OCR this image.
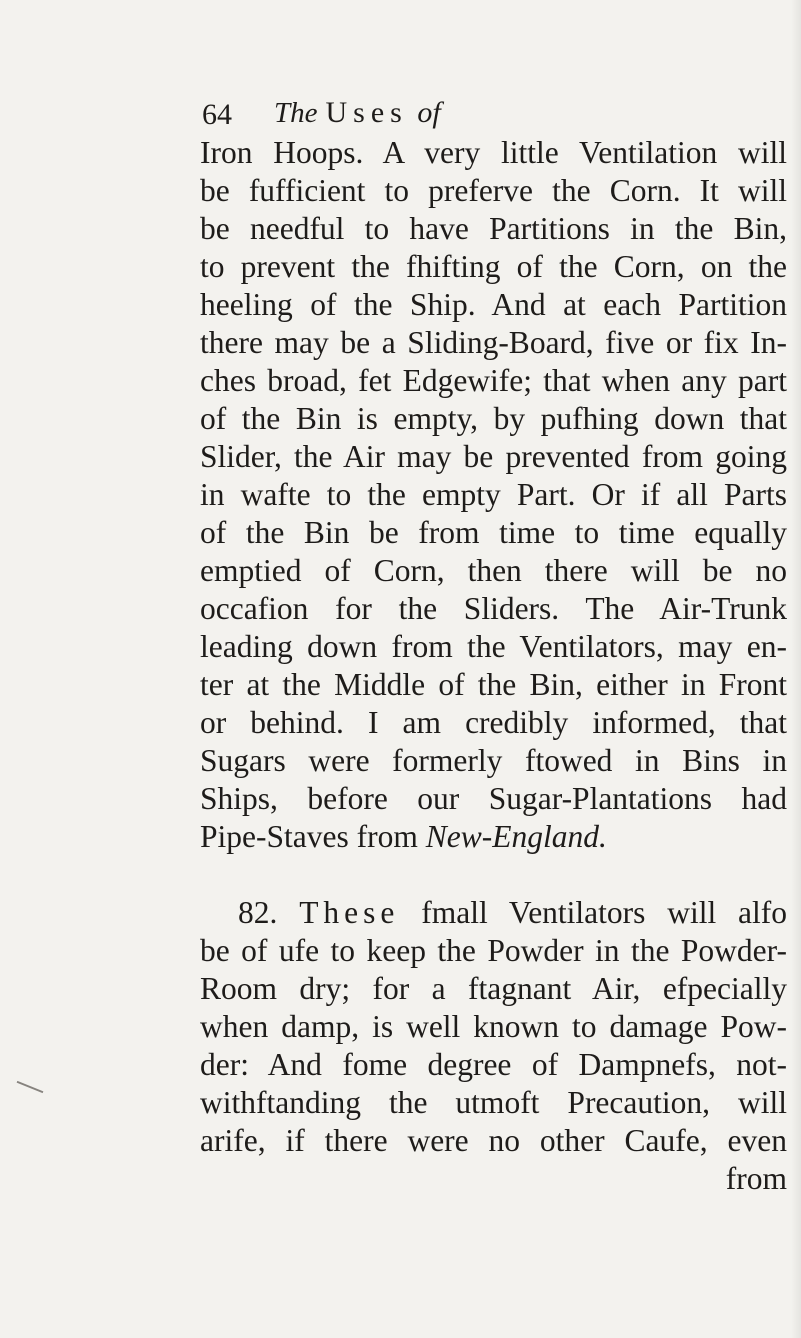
64 The Uses of
Iron Hoops. A very little Ventilation will
be fufficient to preferve the Corn. It will
be needful to have Partitions in the Bin,
to prevent the fhifting of the Corn, on the
heeling of the Ship. And at each Partition
there may be a Sliding-Board, five or fix In-
ches broad, fet Edgewife; that when any part
of the Bin is empty, by pufhing down that
Slider, the Air may be prevented from going
in wafte to the empty Part. Or if all Parts
of the Bin be from time to time equally
emptied of Corn, then there will be no
occafion for the Sliders. The Air-Trunk
leading down from the Ventilators, may en-
ter at the Middle of the Bin, either in Front
or behind. I am credibly informed, that
Sugars were formerly ftowed in Bins in
Ships, before our Sugar-Plantations had
Pipe-Staves from New-England.
82. These fmall Ventilators will alfo
be of ufe to keep the Powder in the Powder-
Room dry; for a ftagnant Air, efpecially
when damp, is well known to damage Pow-
der: And fome degree of Dampnefs, not-
withftanding the utmoft Precaution, will
arife, if there were no other Caufe, even
from
